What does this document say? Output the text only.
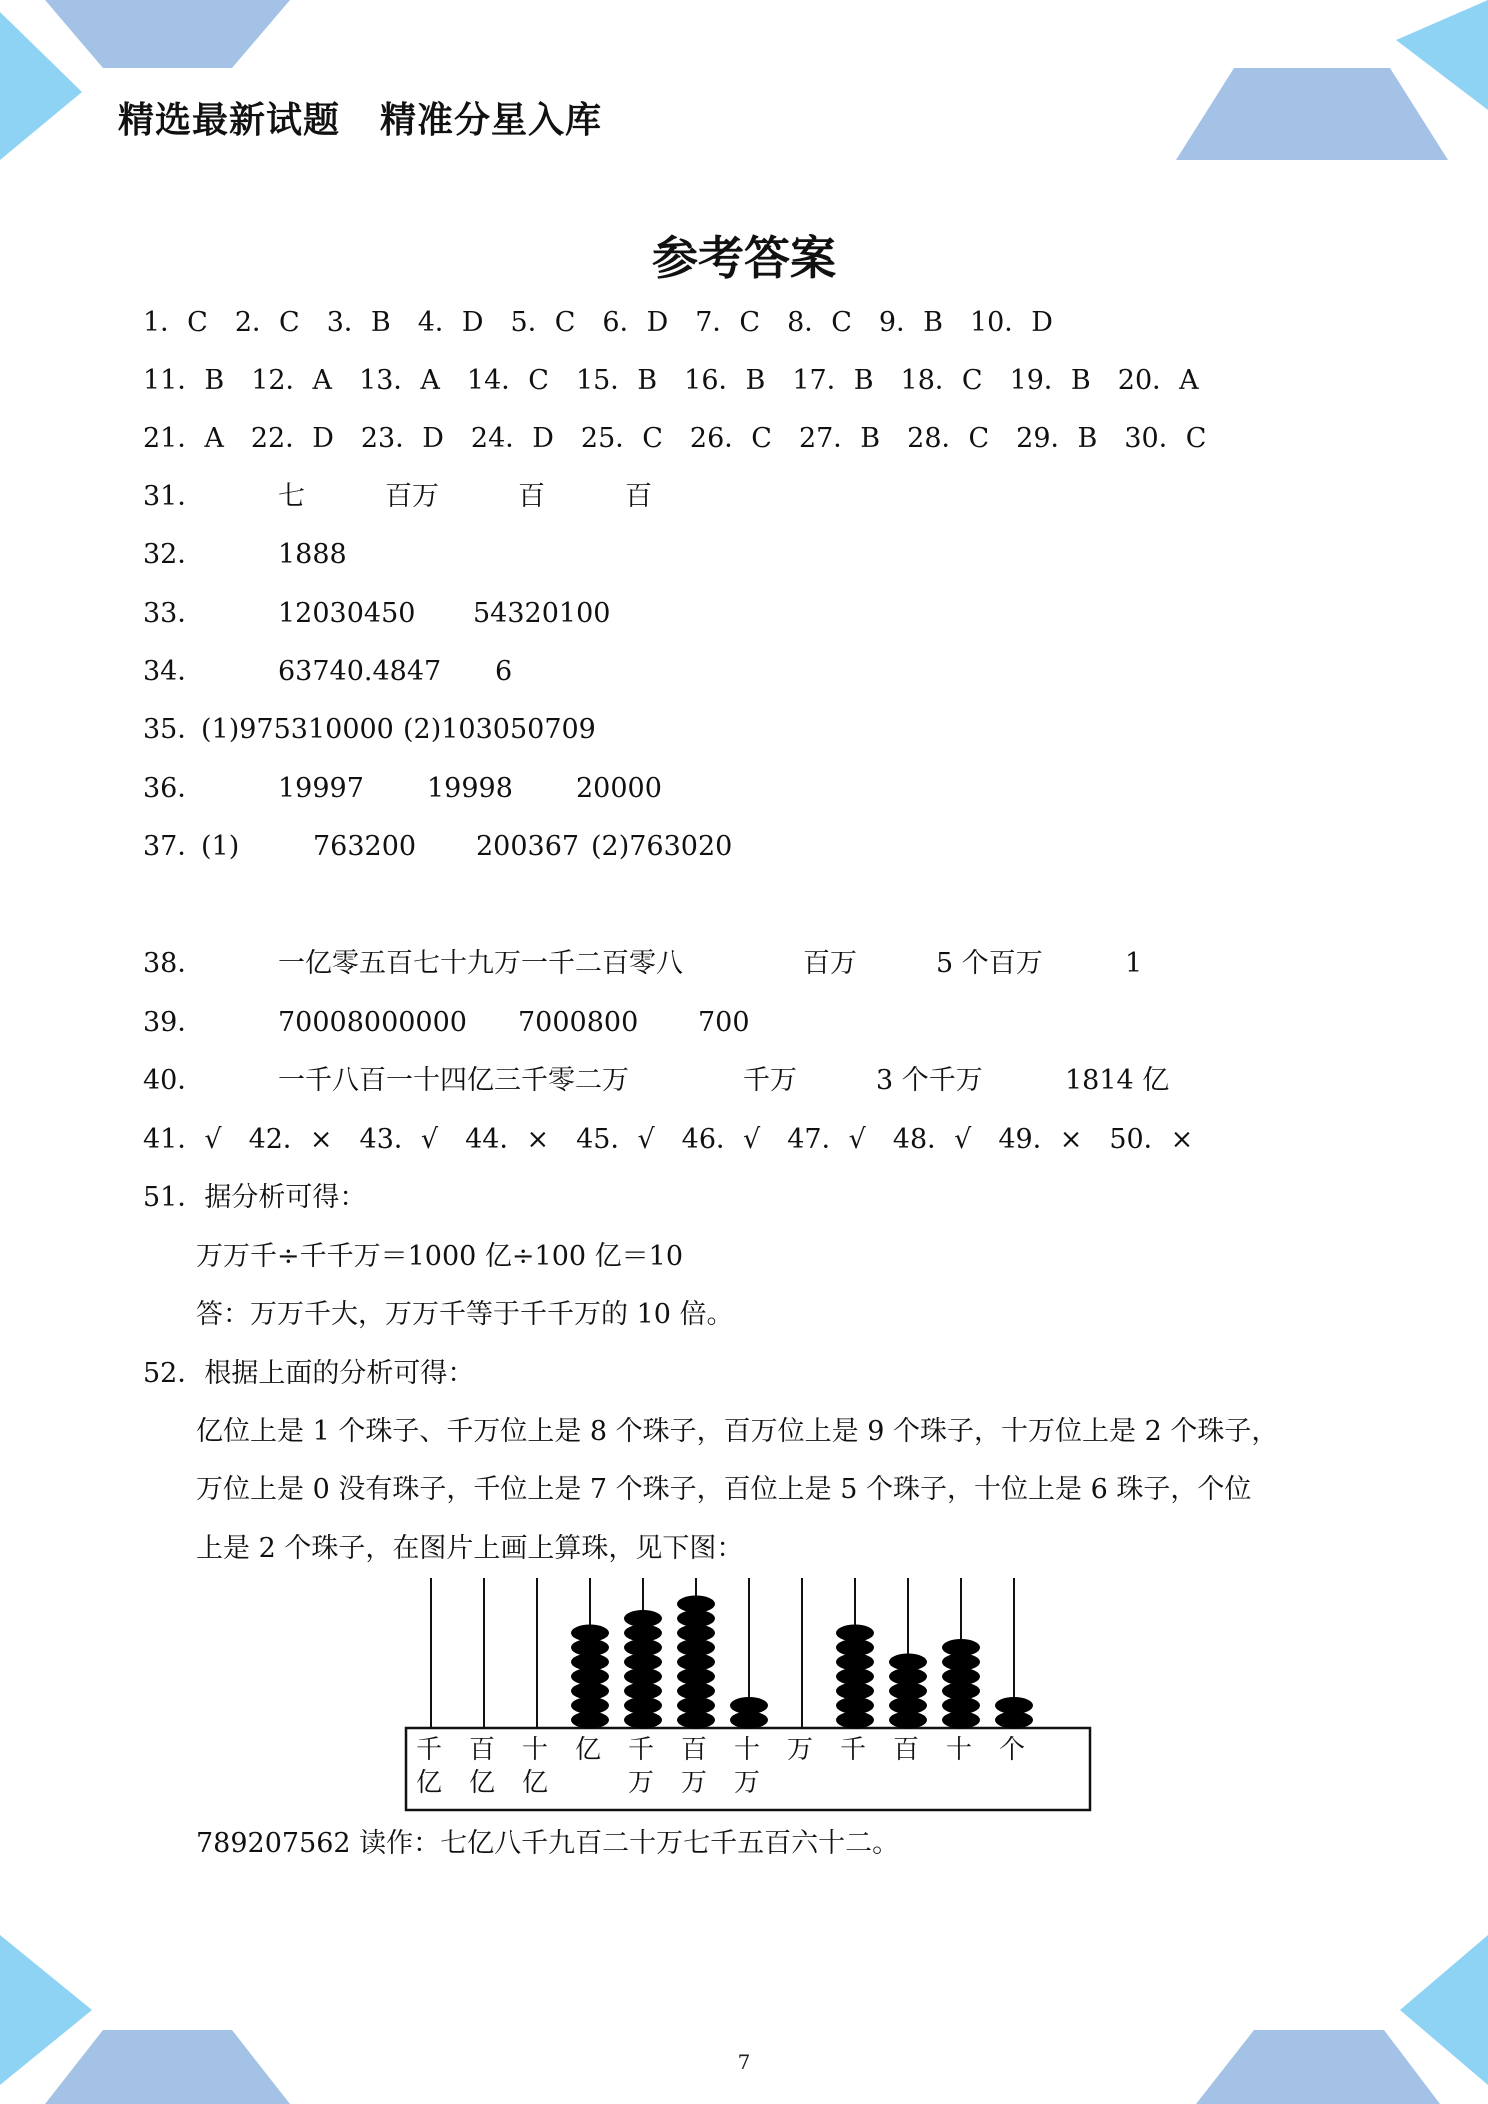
精选最新试题 精准分星入库
参考答案
1．C 2．C 3．B 4．D 5．C 6．D 7．C 8．C 9．B 10．D
11．B 12．A 13．A 14．C 15．B 16．B 17．B 18．C 19．B 20．A
21．A 22．D 23．D 24．D 25．C 26．C 27．B 28．C 29．B 30．C
31．	七	百万	百	百
32．	1888
33．	12030450 54320100
34．	63740.4847 6
35．
(1)975310000 (2)103050709
36．	19997 19998 20000
37．
(1)	763200 200367 (2)763020
38．	一亿零五百七十九万一千二百零八	百万	5 个百万	1
39．	70008000000 7000800 700
40．	一千八百一十四亿三千零二万	千万	3 个千万	1814 亿
41．√ 42．× 43．√ 44．× 45．√ 46．√ 47．√ 48．√ 49．× 50．×
51．据分析可得：
万万千÷千千万＝1000 亿÷100 亿＝10
答：万万千大，万万千等于千千万的 10 倍。
52．根据上面的分析可得：
亿位上是 1 个珠子、千万位上是 8 个珠子，百万位上是 9 个珠子，十万位上是 2 个珠子，
万位上是 0 没有珠子，千位上是 7 个珠子，百位上是 5 个珠子，十位上是 6 珠子，个位
上是 2 个珠子，在图片上画上算珠，见下图：
千
亿
百
亿
十
亿
亿 千
万
百
万
十
万
万 千 百 十 个
789207562 读作：七亿八千九百二十万七千五百六十二。
7
